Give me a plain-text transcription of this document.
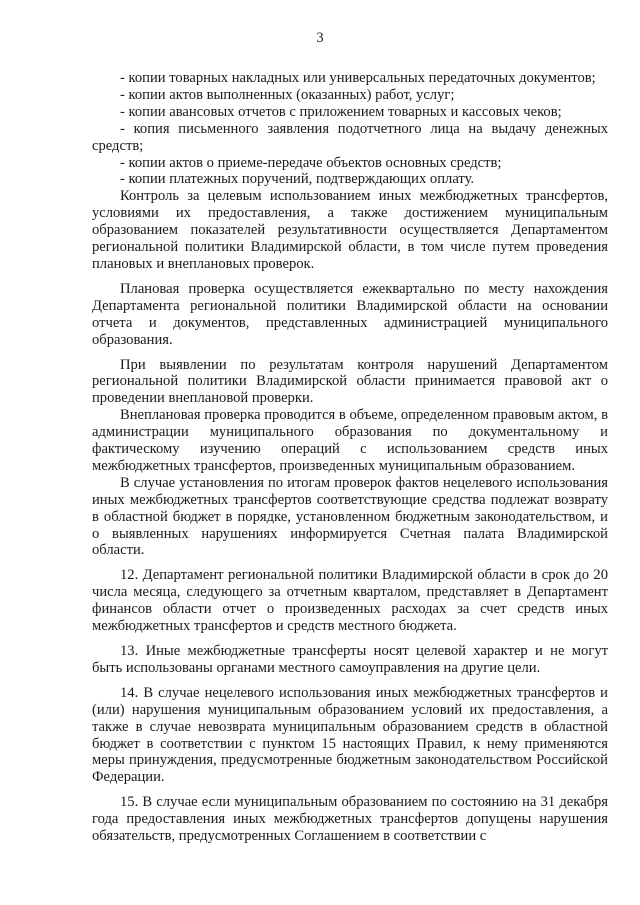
3

- копии товарных накладных или универсальных передаточных документов;

- копии актов выполненных (оказанных) работ, услуг;

- копии авансовых отчетов с приложением товарных и кассовых чеков;

- копия письменного заявления подотчетного лица на выдачу денежных средств;

- копии актов о приеме-передаче объектов основных средств;

- копии платежных поручений, подтверждающих оплату.

Контроль за целевым использованием иных межбюджетных трансфертов, условиями их предоставления, а также достижением муниципальным образованием показателей результативности осуществляется Департаментом региональной политики Владимирской области, в том числе путем проведения плановых и внеплановых проверок.

Плановая проверка осуществляется ежеквартально по месту нахождения Департамента региональной политики Владимирской области на основании отчета и документов, представленных администрацией муниципального образования.

При выявлении по результатам контроля нарушений Департаментом региональной политики Владимирской области принимается правовой акт о проведении внеплановой проверки.

Внеплановая проверка проводится в объеме, определенном правовым актом, в администрации муниципального образования по документальному и фактическому изучению операций с использованием средств иных межбюджетных трансфертов, произведенных муниципальным образованием.

В случае установления по итогам проверок фактов нецелевого использования иных межбюджетных трансфертов соответствующие средства подлежат возврату в областной бюджет в порядке, установленном бюджетным законодательством, и о выявленных нарушениях информируется Счетная палата Владимирской области.

12. Департамент региональной политики Владимирской области в срок до 20 числа месяца, следующего за отчетным кварталом, представляет в Департамент финансов области отчет о произведенных расходах за счет средств иных межбюджетных трансфертов и средств местного бюджета.

13. Иные межбюджетные трансферты носят целевой характер и не могут быть использованы органами местного самоуправления на другие цели.

14. В случае нецелевого использования иных межбюджетных трансфертов и (или) нарушения муниципальным образованием условий их предоставления, а также в случае невозврата муниципальным образованием средств в областной бюджет в соответствии с пунктом 15 настоящих Правил, к нему применяются меры принуждения, предусмотренные бюджетным законодательством Российской Федерации.

15. В случае если муниципальным образованием по состоянию на 31 декабря года предоставления иных межбюджетных трансфертов допущены нарушения обязательств, предусмотренных Соглашением в соответствии с
